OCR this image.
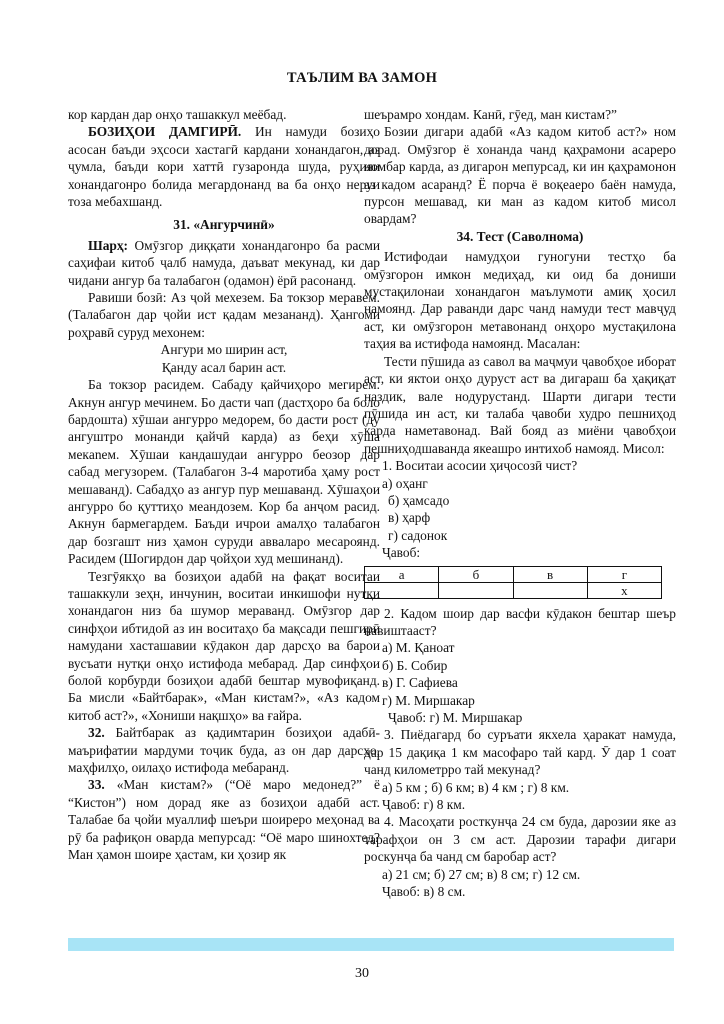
ТАЪЛИМ ВА ЗАМОН

кор кардан дар онҳо ташаккул меёбад.

БОЗИҲОИ ДАМГИРӢ. Ин намуди бозиҳо асосан баъди эҳсоси хастагӣ кардани хонандагон, аз ҷумла, баъди кори хаттӣ гузаронда шуда, руҳияи хонандагонро болида мегардонанд ва ба онҳо неруи тоза мебахшанд.

31. «Ангурчинӣ»

Шарҳ: Омӯзгор диққати хонандагонро ба расми саҳифаи китоб ҷалб намуда, даъват мекунад, ки дар чидани ангур ба талабагон (одамон) ёрӣ расонанд.

Равиши бозӣ: Аз ҷой мехезем. Ба токзор меравем. (Талабагон дар ҷойи ист қадам мезананд). Ҳангоми роҳравӣ суруд мехонем:

Ангури мо ширин аст,

Қанду асал барин аст.

Ба токзор расидем. Сабаду қайчиҳоро мегирем. Акнун ангур мечинем. Бо дасти чап (дастҳоро ба боло бардошта) хӯшаи ангурро медорем, бо дасти рост (ду ангуштро монанди қайчӣ карда) аз беҳи хӯша мекanем. Хӯшаи кандашудаи ангурро беозор дар сабад мегузорем. (Талабагон 3-4 маротиба ҳаму рост мешаванд). Сабадҳо аз ангур пур мешаванд. Хӯшаҳои ангурро бо қуттиҳо меандозем. Кор ба анҷом расид. Акнун бармегардем. Баъди ичрои амалҳо талабагон дар бозгашт низ ҳамон суруди аввaларо месароянд. Расидем (Шогирдон дар ҷойҳои худ мешинанд).

Тезгӯякҳо ва бозиҳои адабӣ на фақат воситаи ташаккули зеҳн, инчунин, воситаи инкишофи нутқи хонандагон низ ба шумор меравaнд. Омӯзгор дар синфҳои ибтидоӣ аз ин воситаҳо ба мақсади пешгирӣ намудани хастaшавии кӯдакон дар дарсҳо ва барои вусъати нутқи онҳо истифода мебарад. Дар синфҳои болоӣ корбурди бозиҳои адабӣ бештар мувофиқанд. Ба мисли «Байтбарак», «Ман кистам?», «Аз кадом китоб аст?», «Хониши нақшҳо» ва ғайра.

32. Байтбарак аз қадимтарин бозиҳои адабӣ-маърифатии мардуми тоҷик буда, аз он дар дарсҳо, маҳфилҳо, оилаҳо истифода мебаранд.

33. «Ман кистам?» (“Оё маро медонед?” ё “Кистон”) ном дорад яке аз бозиҳои адабӣ аст. Талабае ба ҷойи муаллиф шеъри шоиреро меҳонад ва рӯ ба рафиқон оварда мепурсад: “Оё маро шинохтед? Ман ҳамон шоире ҳастам, ки ҳозир як

шеърамро хондам. Канӣ, гӯед, ман кистам?”

Бозии дигари адабӣ «Аз кадом китоб аст?» ном дорад. Омӯзгор ё хонанда чанд қаҳрамони асареро номбар карда, аз дигарон мепурсад, ки ин қаҳрамонон аз кадом асаранд? Ё порча ё воқеаеро баён намуда, пурсон мешавад, ки ман аз кадом китоб мисол овардам?

34. Тест (Саволнома)

Истифодаи намудҳои гуногуни тестҳо ба омӯзгорон имкон медиҳад, ки оид ба дониши мустақилонаи хонандагон маълумоти амиқ ҳосил намоянд. Дар раванди дарс чанд намуди тест мавҷуд аст, ки омӯзгорон метавонанд онҳоро мустақилона таҳия ва истифода намоянд. Масалан:

Тести пӯшида аз савол ва маҷмуи ҷавобҳое иборат аст, ки яктои онҳо дуруст аст ва дигараш ба ҳақиқат наздик, вале нодурустанд. Шарти дигари тести пӯшида ин аст, ки талаба ҷавоби худро пешниҳод карда наметавонад. Вай бояд аз миёни ҷавобҳои пешниҳодшаванда якеашро интихоб намояд. Мисол:

1. Воситаи асосии ҳиҷосозӣ чист?

а) оҳанг

б) ҳамсадо

в) ҳарф

г) садонок

Ҷавоб:

а	б	в	г
			х

2. Кадом шоир дар васфи кӯдакон бештар шеър навиштааст?

а) М. Қаноат

б) Б. Собир

в) Г. Сафиева

г) М. Миршакар

Ҷавоб: г) М. Миршакар

3. Пиёдагард бо суръати якхела ҳаракат намуда, дар 15 дақиқа 1 км масофаро тай кард. Ӯ дар 1 соат чанд километрро тай мекунад?

а) 5 км ; б) 6 км; в) 4 км ; г) 8 км.

Ҷавоб: г) 8 км.

4. Масоҳати росткунҷа 24 см буда, дарозии яке аз тарафҳои он 3 см аст. Дарозии тарафи дигари роскунҷа ба чанд см баробар аст?

а) 21 см; б) 27 см; в) 8 см; г) 12 см.

Ҷавоб: в) 8 см.

30
